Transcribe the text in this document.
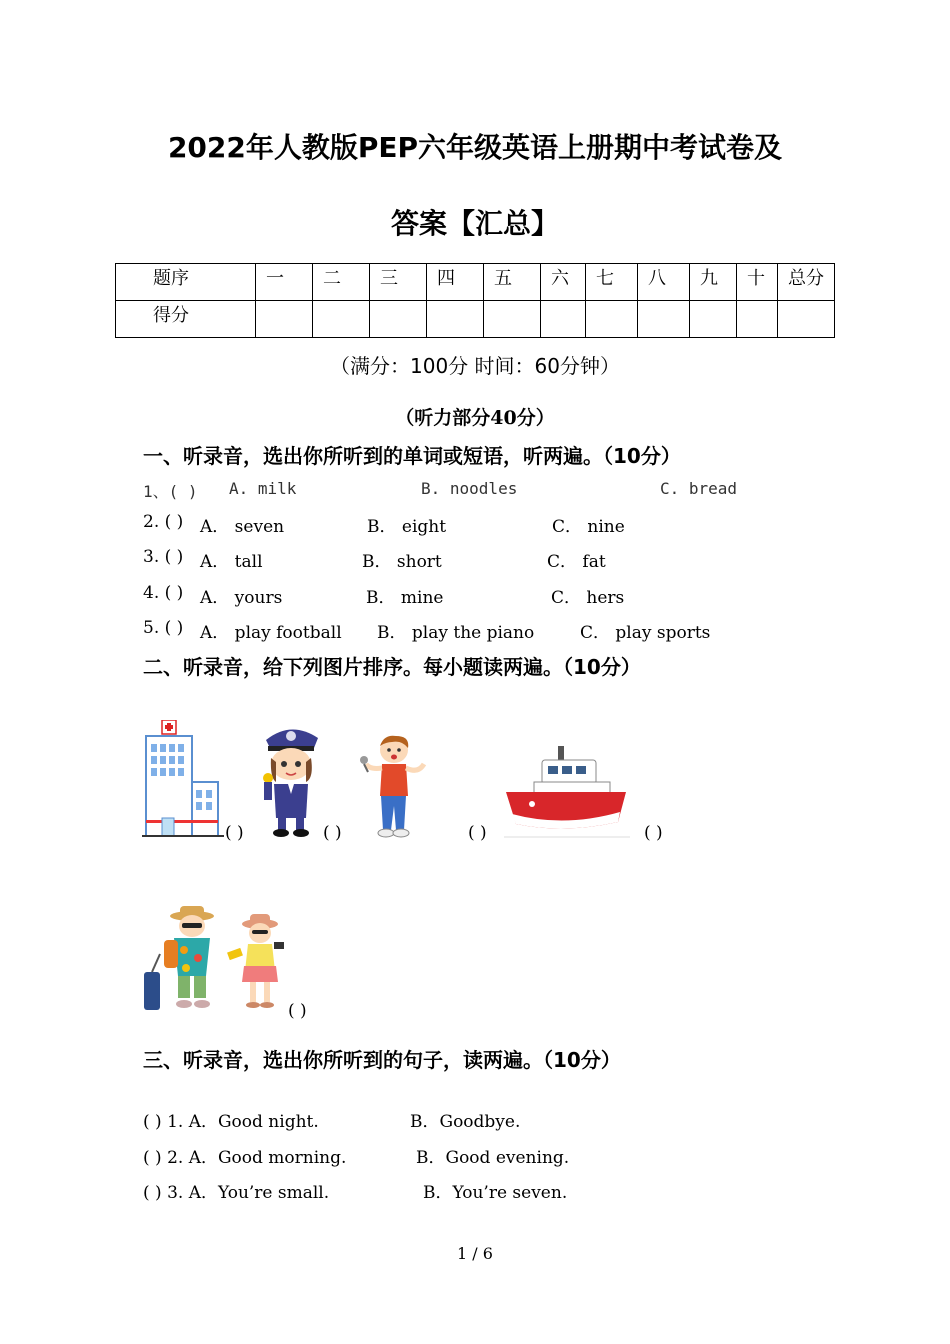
2022年人教版PEP六年级英语上册期中考试卷及
答案【汇总】
题序	一	二	三	四	五	六	七	八	九	十	总分
得分											
（满分：100分 时间：60分钟）
（听力部分40分）
一、听录音，选出你所听到的单词或短语，听两遍。（10分）
1、( ) A. milk	B. noodles	C. bread
2. ( ) A． seven	B． eight	C． nine
3. ( ) A． tall	B． short	C． fat
4. ( ) A． yours	B． mine	C． hers
5. ( ) A． play football B． play the piano	C． play sports
二、听录音，给下列图片排序。每小题读两遍。（10分）
( )	( )	( )	( )
( )
三、听录音，选出你所听到的句子，读两遍。（10分）
( ) 1. A．Good night.	B．Goodbye.
( ) 2. A．Good morning.	B．Good evening.
( ) 3. A．You’re small.	B．You’re seven.
1 / 6
